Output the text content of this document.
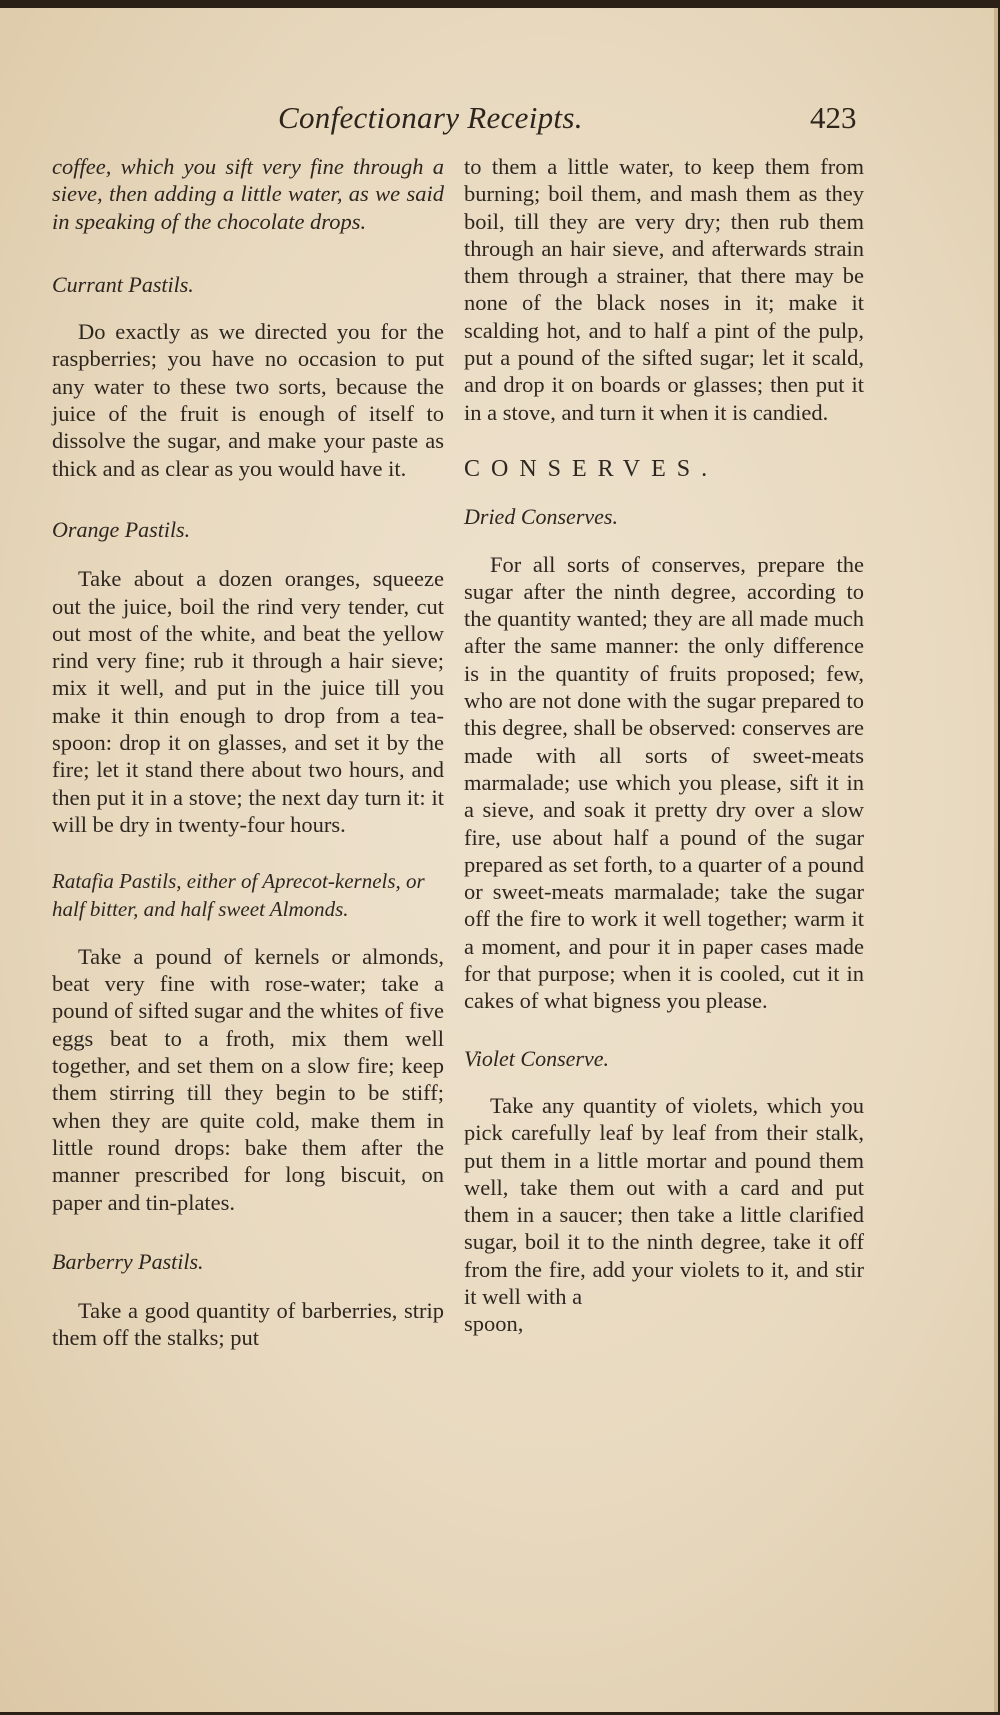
Confectionary Receipts.	423

coffee, which you sift very fine through a sieve, then adding a little water, as we said in speaking of the chocolate drops.

Currant Pastils.

Do exactly as we directed you for the raspberries; you have no occasion to put any water to these two sorts, because the juice of the fruit is enough of itself to dissolve the sugar, and make your paste as thick and as clear as you would have it.

Orange Pastils.

Take about a dozen oranges, squeeze out the juice, boil the rind very tender, cut out most of the white, and beat the yellow rind very fine; rub it through a hair sieve; mix it well, and put in the juice till you make it thin enough to drop from a tea-spoon: drop it on glasses, and set it by the fire; let it stand there about two hours, and then put it in a stove; the next day turn it: it will be dry in twenty-four hours.

Ratafia Pastils, either of Aprecot-kernels, or half bitter, and half sweet Almonds.

Take a pound of kernels or almonds, beat very fine with rose-water; take a pound of sifted sugar and the whites of five eggs beat to a froth, mix them well together, and set them on a slow fire; keep them stirring till they begin to be stiff; when they are quite cold, make them in little round drops: bake them after the manner prescribed for long biscuit, on paper and tin-plates.

Barberry Pastils.

Take a good quantity of barberries, strip them off the stalks; put

to them a little water, to keep them from burning; boil them, and mash them as they boil, till they are very dry; then rub them through an hair sieve, and afterwards strain them through a strainer, that there may be none of the black noses in it; make it scalding hot, and to half a pint of the pulp, put a pound of the sifted sugar; let it scald, and drop it on boards or glasses; then put it in a stove, and turn it when it is candied.

CONSERVES.

Dried Conserves.

For all sorts of conserves, prepare the sugar after the ninth degree, according to the quantity wanted; they are all made much after the same manner: the only difference is in the quantity of fruits proposed; few, who are not done with the sugar prepared to this degree, shall be observed: conserves are made with all sorts of sweet-meats marmalade; use which you please, sift it in a sieve, and soak it pretty dry over a slow fire, use about half a pound of the sugar prepared as set forth, to a quarter of a pound or sweet-meats marmalade; take the sugar off the fire to work it well together; warm it a moment, and pour it in paper cases made for that purpose; when it is cooled, cut it in cakes of what bigness you please.

Violet Conserve.

Take any quantity of violets, which you pick carefully leaf by leaf from their stalk, put them in a little mortar and pound them well, take them out with a card and put them in a saucer; then take a little clarified sugar, boil it to the ninth degree, take it off from the fire, add your violets to it, and stir it well with a

spoon,
